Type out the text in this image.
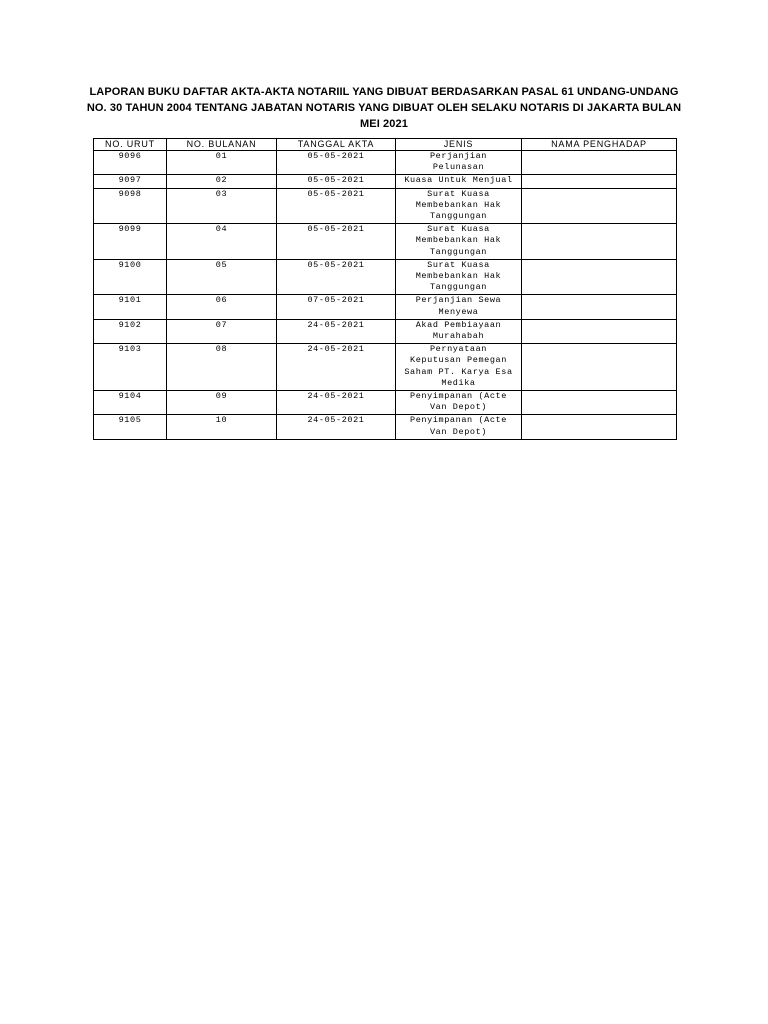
LAPORAN BUKU DAFTAR AKTA-AKTA NOTARIIL YANG DIBUAT BERDASARKAN PASAL 61 UNDANG-UNDANG NO. 30 TAHUN 2004 TENTANG JABATAN NOTARIS YANG DIBUAT OLEH SELAKU NOTARIS DI JAKARTA BULAN MEI 2021
NO. URUT	NO. BULANAN	TANGGAL AKTA	JENIS	NAMA PENGHADAP
9096	01	05-05-2021	Perjanjian Pelunasan	
9097	02	05-05-2021	Kuasa Untuk Menjual	
9098	03	05-05-2021	Surat Kuasa Membebankan Hak Tanggungan	
9099	04	05-05-2021	Surat Kuasa Membebankan Hak Tanggungan	
9100	05	05-05-2021	Surat Kuasa Membebankan Hak Tanggungan	
9101	06	07-05-2021	Perjanjian Sewa Menyewa	
9102	07	24-05-2021	Akad Pembiayaan Murahabah	
9103	08	24-05-2021	Pernyataan Keputusan Pemegan Saham PT. Karya Esa Medika	
9104	09	24-05-2021	Penyimpanan (Acte Van Depot)	
9105	10	24-05-2021	Penyimpanan (Acte Van Depot)	
